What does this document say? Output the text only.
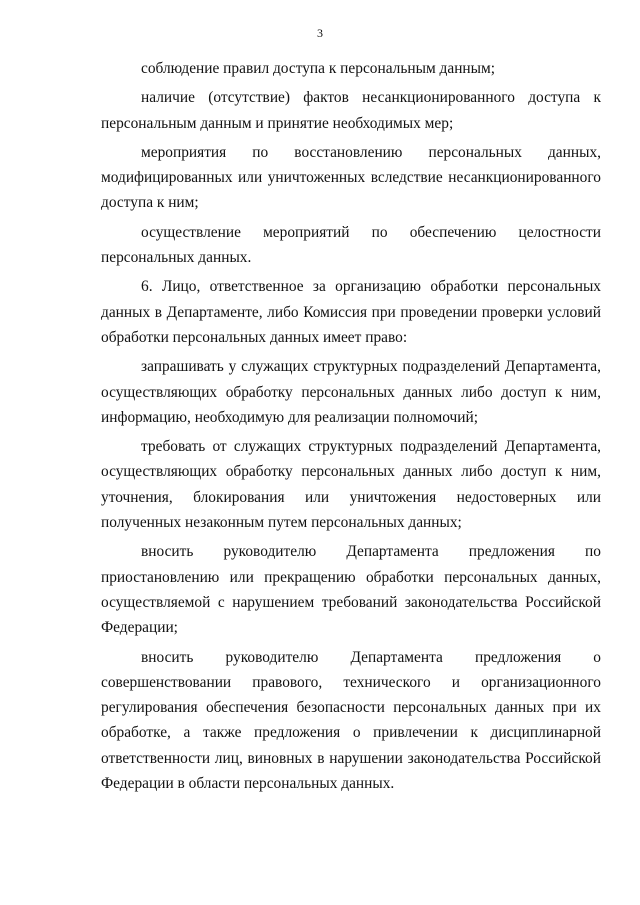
3

соблюдение правил доступа к персональным данным;

наличие (отсутствие) фактов несанкционированного доступа к персональным данным и принятие необходимых мер;

мероприятия по восстановлению персональных данных, модифицированных или уничтоженных вследствие несанкционированного доступа к ним;

осуществление мероприятий по обеспечению целостности персональных данных.

6. Лицо, ответственное за организацию обработки персональных данных в Департаменте, либо Комиссия при проведении проверки условий обработки персональных данных имеет право:

запрашивать у служащих структурных подразделений Департамента, осуществляющих обработку персональных данных либо доступ к ним, информацию, необходимую для реализации полномочий;

требовать от служащих структурных подразделений Департамента, осуществляющих обработку персональных данных либо доступ к ним, уточнения, блокирования или уничтожения недостоверных или полученных незаконным путем персональных данных;

вносить руководителю Департамента предложения по приостановлению или прекращению обработки персональных данных, осуществляемой с нарушением требований законодательства Российской Федерации;

вносить руководителю Департамента предложения о совершенствовании правового, технического и организационного регулирования обеспечения безопасности персональных данных при их обработке, а также предложения о привлечении к дисциплинарной ответственности лиц, виновных в нарушении законодательства Российской Федерации в области персональных данных.
